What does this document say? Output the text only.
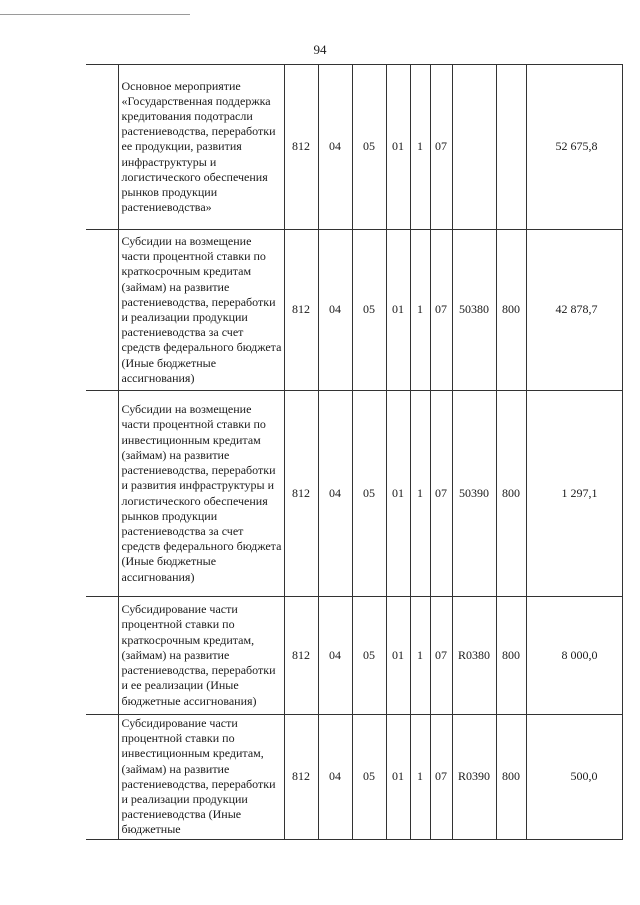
94
	Основное мероприятие «Государственная поддержка кредитования подотрасли растениеводства, переработки ее продукции, развития инфраструктуры и логистического обеспечения рынков продукции растениеводства»	812	04	05	01	1	07			52 675,8
	Субсидии на возмещение части процентной ставки по краткосрочным кредитам (займам) на развитие растениеводства, переработки и реализации продукции растениеводства за счет средств федерального бюджета (Иные бюджетные ассигнования)	812	04	05	01	1	07	50380	800	42 878,7
	Субсидии на возмещение части процентной ставки по инвестиционным кредитам (займам) на развитие растениеводства, переработки и развития инфраструктуры и логистического обеспечения рынков продукции растениеводства за счет средств федерального бюджета (Иные бюджетные ассигнования)	812	04	05	01	1	07	50390	800	1 297,1
	Субсидирование части процентной ставки по краткосрочным кредитам, (займам) на развитие растениеводства, переработки и ее реализации (Иные бюджетные ассигнования)	812	04	05	01	1	07	R0380	800	8 000,0
	Субсидирование части процентной ставки по инвестиционным кредитам, (займам) на развитие растениеводства, переработки и реализации продукции растениеводства (Иные бюджетные	812	04	05	01	1	07	R0390	800	500,0
